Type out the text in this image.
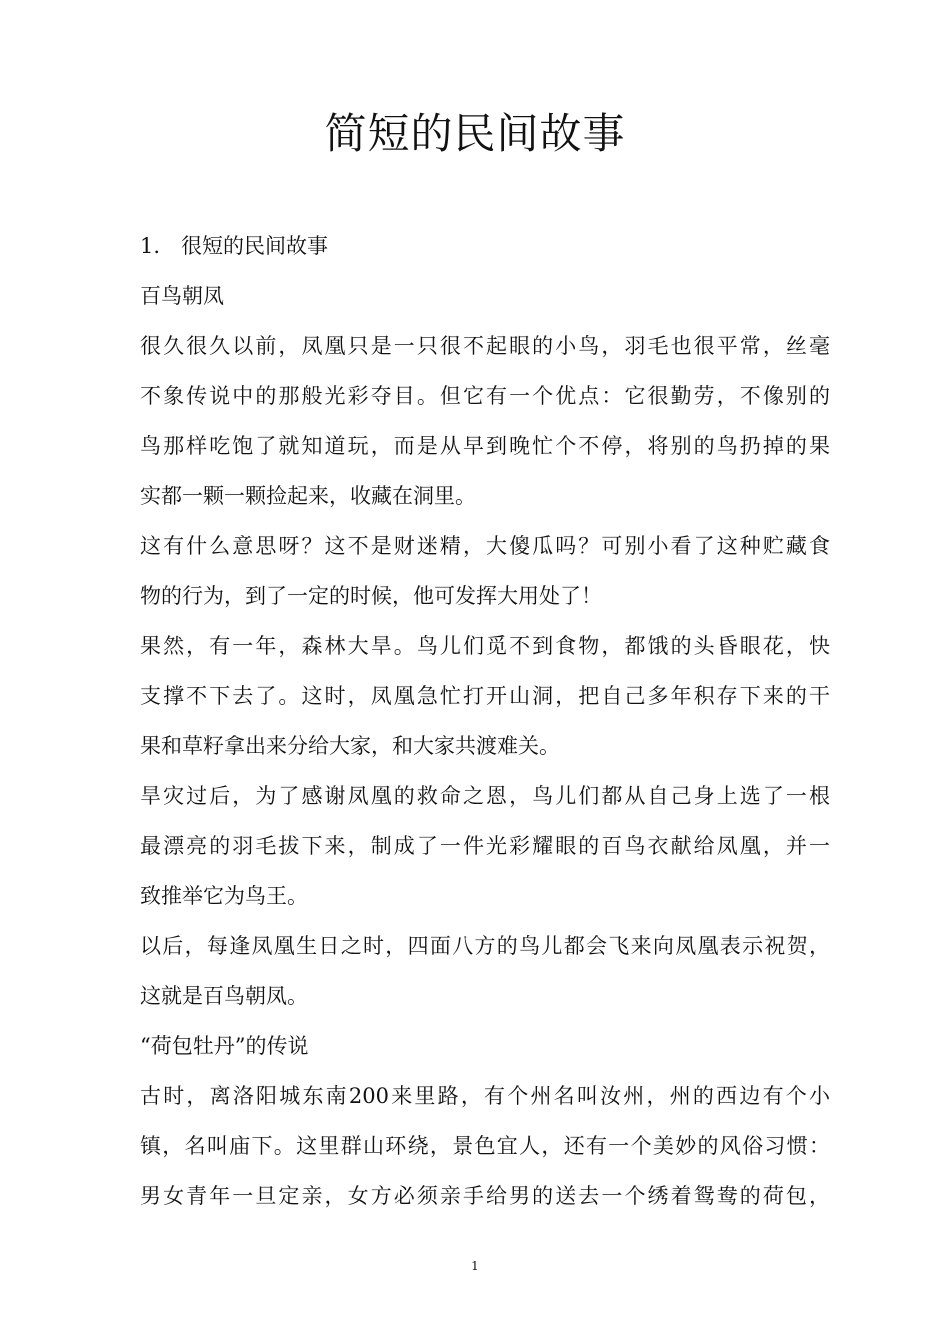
简短的民间故事

1.　很短的民间故事

百鸟朝凤

很久很久以前，凤凰只是一只很不起眼的小鸟，羽毛也很平常，丝毫

不象传说中的那般光彩夺目。但它有一个优点：它很勤劳，不像别的

鸟那样吃饱了就知道玩，而是从早到晚忙个不停，将别的鸟扔掉的果

实都一颗一颗捡起来，收藏在洞里。

这有什么意思呀？这不是财迷精，大傻瓜吗？可别小看了这种贮藏食

物的行为，到了一定的时候，他可发挥大用处了！

果然，有一年，森林大旱。鸟儿们觅不到食物，都饿的头昏眼花，快

支撑不下去了。这时，凤凰急忙打开山洞，把自己多年积存下来的干

果和草籽拿出来分给大家，和大家共渡难关。

旱灾过后，为了感谢凤凰的救命之恩，鸟儿们都从自己身上选了一根

最漂亮的羽毛拔下来，制成了一件光彩耀眼的百鸟衣献给凤凰，并一

致推举它为鸟王。

以后，每逢凤凰生日之时，四面八方的鸟儿都会飞来向凤凰表示祝贺，

这就是百鸟朝凤。

“荷包牡丹”的传说

古时，离洛阳城东南200来里路，有个州名叫汝州，州的西边有个小

镇，名叫庙下。这里群山环绕，景色宜人，还有一个美妙的风俗习惯：

男女青年一旦定亲，女方必须亲手给男的送去一个绣着鸳鸯的荷包，

1
